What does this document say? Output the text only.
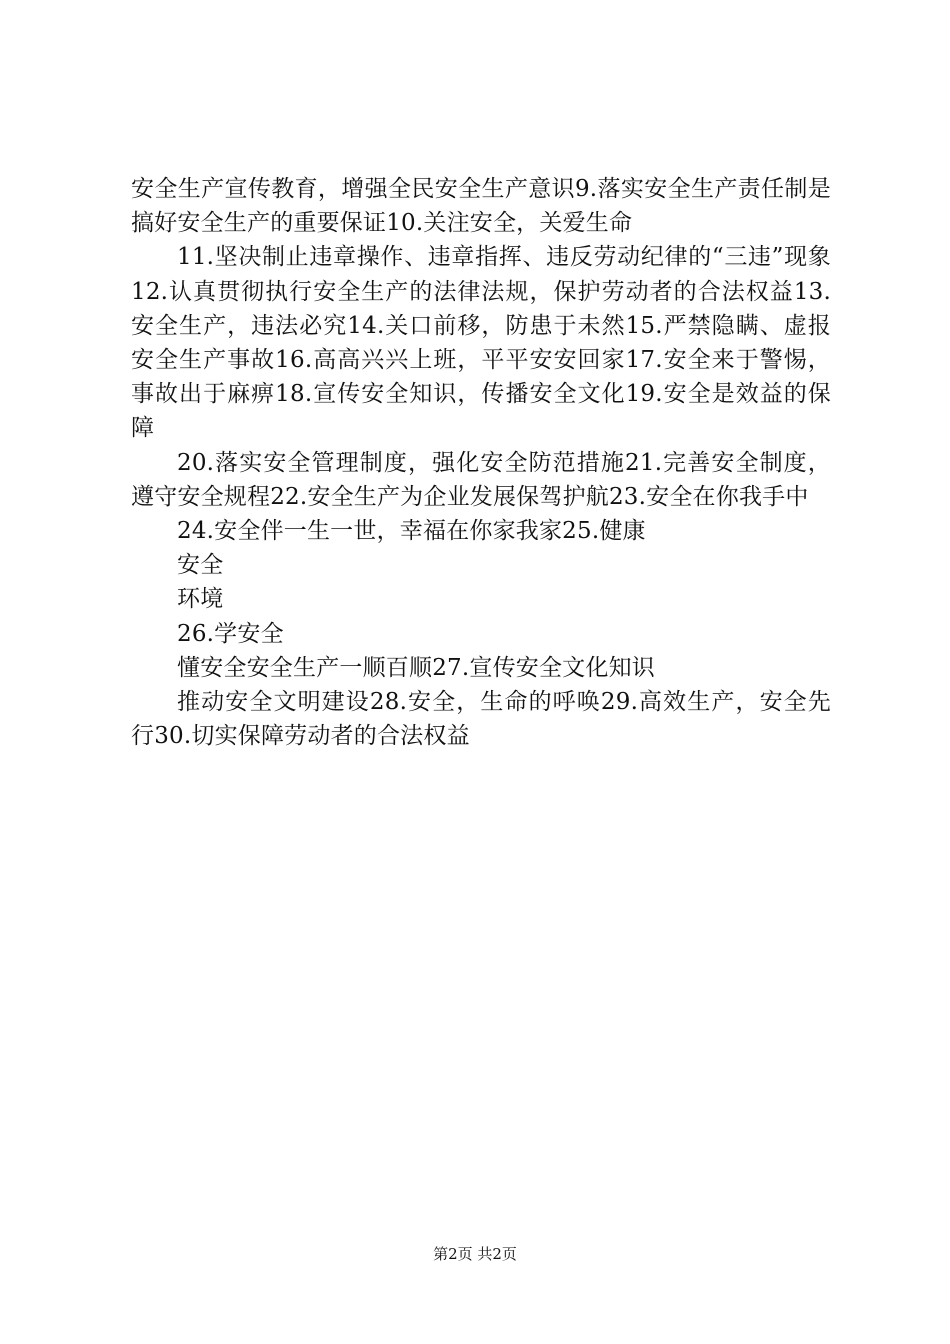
安全生产宣传教育，增强全民安全生产意识9.落实安全生产责任制是搞好安全生产的重要保证10.关注安全，关爱生命

11.坚决制止违章操作、违章指挥、违反劳动纪律的“三违”现象12.认真贯彻执行安全生产的法律法规，保护劳动者的合法权益13.安全生产，违法必究14.关口前移，防患于未然15.严禁隐瞒、虚报安全生产事故16.高高兴兴上班，平平安安回家17.安全来于警惕，事故出于麻痹18.宣传安全知识，传播安全文化19.安全是效益的保障

20.落实安全管理制度，强化安全防范措施21.完善安全制度，遵守安全规程22.安全生产为企业发展保驾护航23.安全在你我手中

24.安全伴一生一世，幸福在你家我家25.健康

安全

环境

26.学安全

懂安全安全生产一顺百顺27.宣传安全文化知识

推动安全文明建设28.安全，生命的呼唤29.高效生产，安全先行30.切实保障劳动者的合法权益

第2页 共2页
